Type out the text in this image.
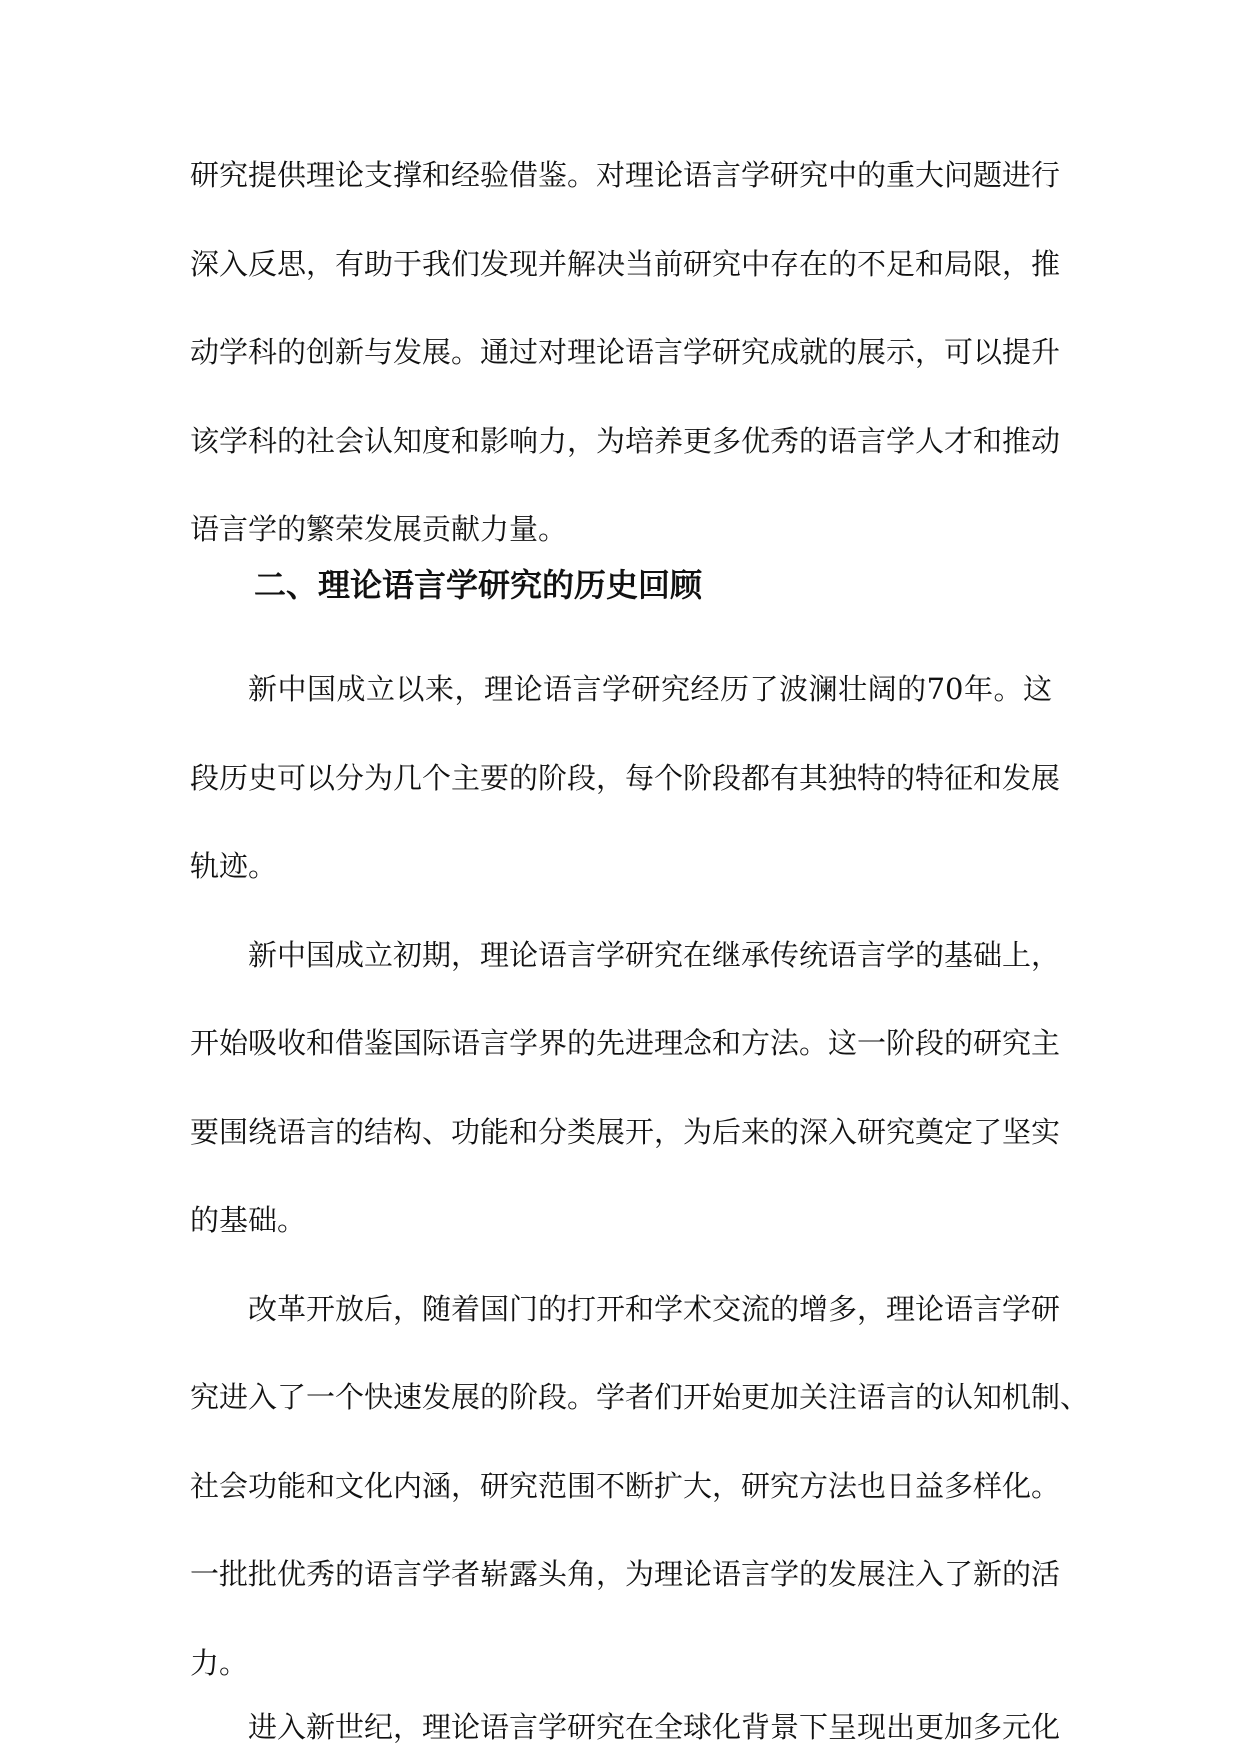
研究提供理论支撑和经验借鉴。对理论语言学研究中的重大问题进行
深入反思，有助于我们发现并解决当前研究中存在的不足和局限，推
动学科的创新与发展。通过对理论语言学研究成就的展示，可以提升
该学科的社会认知度和影响力，为培养更多优秀的语言学人才和推动
语言学的繁荣发展贡献力量。
二、理论语言学研究的历史回顾
新中国成立以来，理论语言学研究经历了波澜壮阔的70年。这
段历史可以分为几个主要的阶段，每个阶段都有其独特的特征和发展
轨迹。
新中国成立初期，理论语言学研究在继承传统语言学的基础上，
开始吸收和借鉴国际语言学界的先进理念和方法。这一阶段的研究主
要围绕语言的结构、功能和分类展开，为后来的深入研究奠定了坚实
的基础。
改革开放后，随着国门的打开和学术交流的增多，理论语言学研
究进入了一个快速发展的阶段。学者们开始更加关注语言的认知机制、
社会功能和文化内涵，研究范围不断扩大，研究方法也日益多样化。
一批批优秀的语言学者崭露头角，为理论语言学的发展注入了新的活
力。
进入新世纪，理论语言学研究在全球化背景下呈现出更加多元化
